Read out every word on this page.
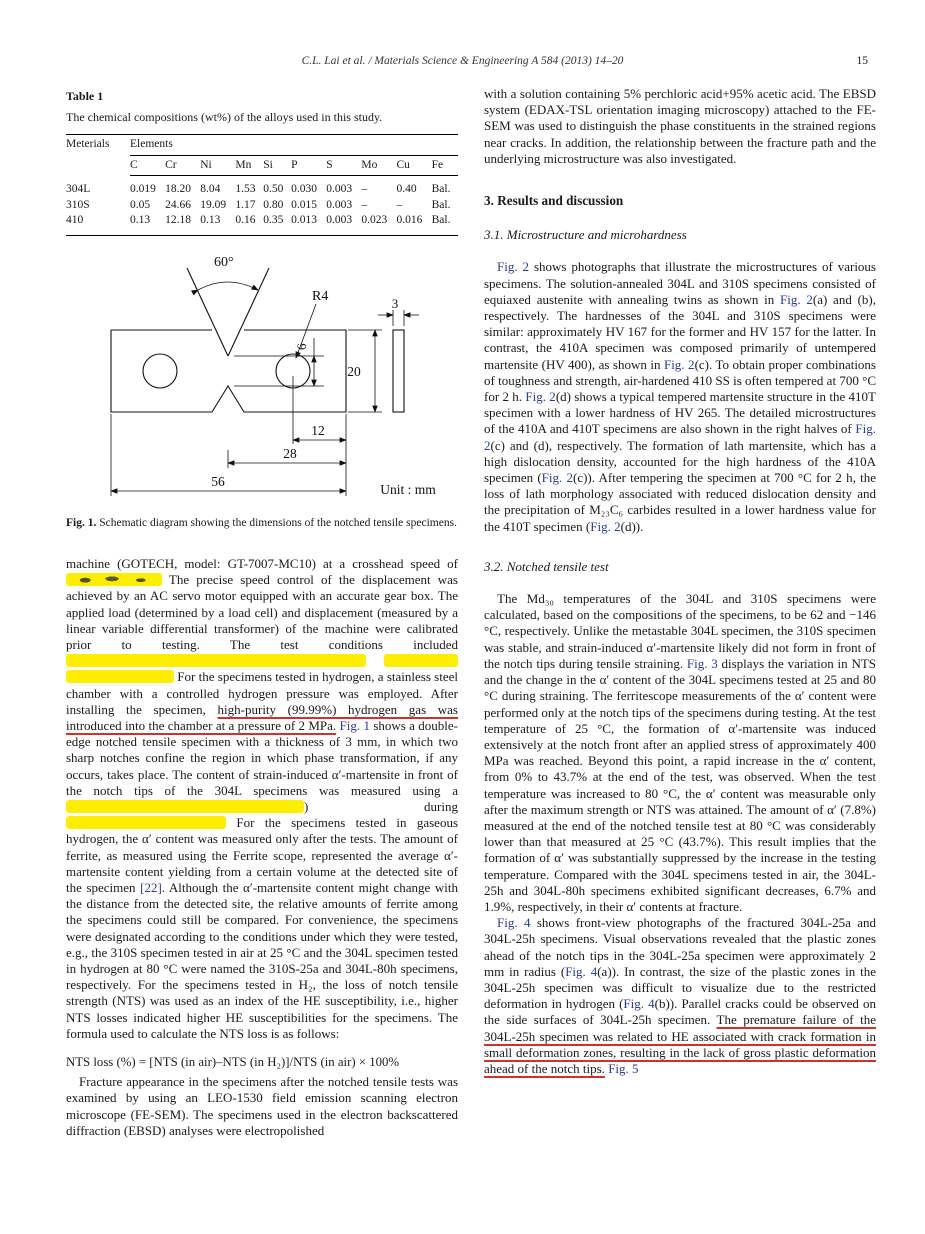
C.L. Lai et al. / Materials Science & Engineering A 584 (2013) 14–20	15

Table 1

The chemical compositions (wt%) of the alloys used in this study.

Meterials	Elements									
	C	Cr	Ni	Mn	Si	P	S	Mo	Cu	Fe

304L	0.019	18.20	8.04	1.53	0.50	0.030	0.003	–	0.40	Bal.
310S	0.05	24.66	19.09	1.17	0.80	0.015	0.003	–	–	Bal.
410	0.13	12.18	0.13	0.16	0.35	0.013	0.003	0.023	0.016	Bal.

60°
R4
6
20
3
12
28
56
Unit : mm

Fig. 1. Schematic diagram showing the dimensions of the notched tensile specimens.

machine (GOTECH, model: GT-7007-MC10) at a crosshead speed of  The precise speed control of the displacement was achieved by an AC servo motor equipped with an accurate gear box. The applied load (determined by a load cell) and displacement (measured by a linear variable differential transformer) of the machine were calibrated prior to testing. The test conditions included    For the specimens tested in hydrogen, a stainless steel chamber with a controlled hydrogen pressure was employed. After installing the specimen, high-purity (99.99%) hydrogen gas was introduced into the chamber at a pressure of 2 MPa. Fig. 1 shows a double-edge notched tensile specimen with a thickness of 3 mm, in which two sharp notches confine the region in which phase transformation, if any occurs, takes place. The content of strain-induced α′-martensite in front of the notch tips of the 304L specimens was measured using a ) during  For the specimens tested in gaseous hydrogen, the α′ content was measured only after the tests. The amount of ferrite, as measured using the Ferrite scope, represented the average α′-martensite content yielding from a certain volume at the detected site of the specimen [22]. Although the α′-martensite content might change with the distance from the detected site, the relative amounts of ferrite among the specimens could still be compared. For convenience, the specimens were designated according to the conditions under which they were tested, e.g., the 310S specimen tested in air at 25 °C and the 304L specimen tested in hydrogen at 80 °C were named the 310S-25a and 304L-80h specimens, respectively. For the specimens tested in H₂, the loss of notch tensile strength (NTS) was used as an index of the HE susceptibility, i.e., higher NTS losses indicated higher HE susceptibilities for the specimens. The formula used to calculate the NTS loss is as follows:

NTS loss (%) = [NTS (in air)–NTS (in H₂)]/NTS (in air) × 100%

Fracture appearance in the specimens after the notched tensile tests was examined by using an LEO-1530 field emission scanning electron microscope (FE-SEM). The specimens used in the electron backscattered diffraction (EBSD) analyses were electropolished

with a solution containing 5% perchloric acid+95% acetic acid. The EBSD system (EDAX-TSL orientation imaging microscopy) attached to the FE-SEM was used to distinguish the phase constituents in the strained regions near cracks. In addition, the relationship between the fracture path and the underlying microstructure was also investigated.

3. Results and discussion

3.1. Microstructure and microhardness

Fig. 2 shows photographs that illustrate the microstructures of various specimens. The solution-annealed 304L and 310S specimens consisted of equiaxed austenite with annealing twins as shown in Fig. 2(a) and (b), respectively. The hardnesses of the 304L and 310S specimens were similar: approximately HV 167 for the former and HV 157 for the latter. In contrast, the 410A specimen was composed primarily of untempered martensite (HV 400), as shown in Fig. 2(c). To obtain proper combinations of toughness and strength, air-hardened 410 SS is often tempered at 700 °C for 2 h. Fig. 2(d) shows a typical tempered martensite structure in the 410T specimen with a lower hardness of HV 265. The detailed microstructures of the 410A and 410T specimens are also shown in the right halves of Fig. 2(c) and (d), respectively. The formation of lath martensite, which has a high dislocation density, accounted for the high hardness of the 410A specimen (Fig. 2(c)). After tempering the specimen at 700 °C for 2 h, the loss of lath morphology associated with reduced dislocation density and the precipitation of M₂₃C₆ carbides resulted in a lower hardness value for the 410T specimen (Fig. 2(d)).

3.2. Notched tensile test

The Md₃₀ temperatures of the 304L and 310S specimens were calculated, based on the compositions of the specimens, to be 62 and −146 °C, respectively. Unlike the metastable 304L specimen, the 310S specimen was stable, and strain-induced α′-martensite likely did not form in front of the notch tips during tensile straining. Fig. 3 displays the variation in NTS and the change in the α′ content of the 304L specimens tested at 25 and 80 °C during straining. The ferritescope measurements of the α′ content were performed only at the notch tips of the specimens during testing. At the test temperature of 25 °C, the formation of α′-martensite was induced extensively at the notch front after an applied stress of approximately 400 MPa was reached. Beyond this point, a rapid increase in the α′ content, from 0% to 43.7% at the end of the test, was observed. When the test temperature was increased to 80 °C, the α′ content was measurable only after the maximum strength or NTS was attained. The amount of α′ (7.8%) measured at the end of the notched tensile test at 80 °C was considerably lower than that measured at 25 °C (43.7%). This result implies that the formation of α′ was substantially suppressed by the increase in the testing temperature. Compared with the 304L specimens tested in air, the 304L-25h and 304L-80h specimens exhibited significant decreases, 6.7% and 1.9%, respectively, in their α′ contents at fracture.

Fig. 4 shows front-view photographs of the fractured 304L-25a and 304L-25h specimens. Visual observations revealed that the plastic zones ahead of the notch tips in the 304L-25a specimen were approximately 2 mm in radius (Fig. 4(a)). In contrast, the size of the plastic zones in the 304L-25h specimen was difficult to visualize due to the restricted deformation in hydrogen (Fig. 4(b)). Parallel cracks could be observed on the side surfaces of 304L-25h specimen. The premature failure of the 304L-25h specimen was related to HE associated with crack formation in small deformation zones, resulting in the lack of gross plastic deformation ahead of the notch tips. Fig. 5
